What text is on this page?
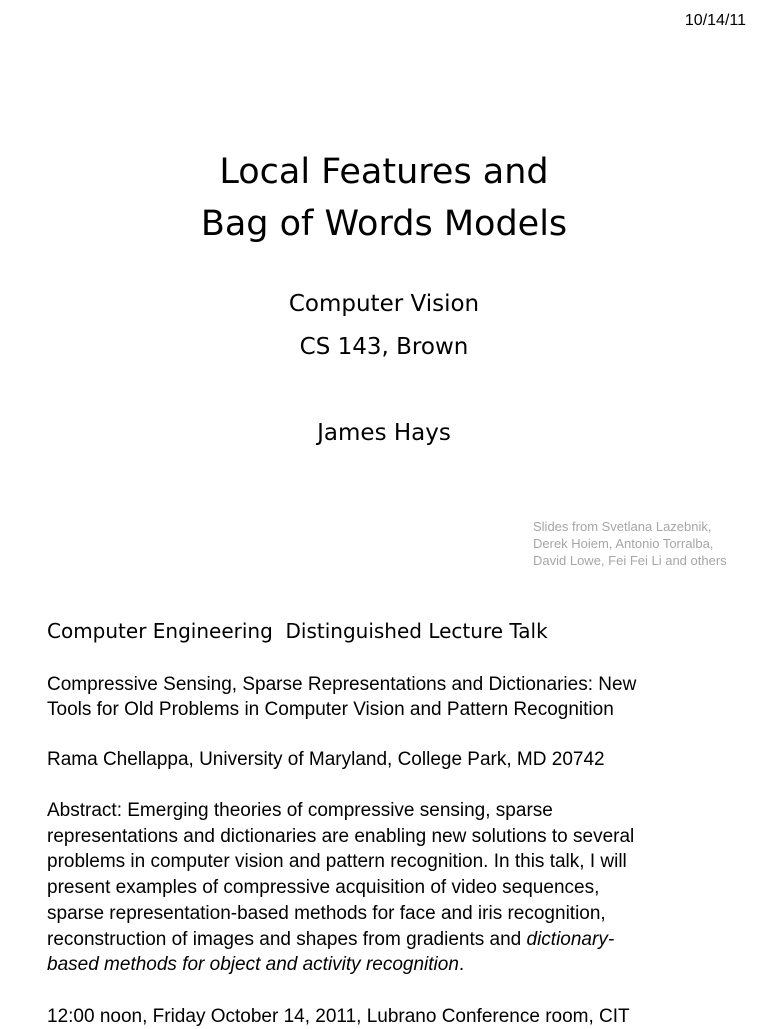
10/14/11
Local Features and
Bag of Words Models
Computer Vision
CS 143, Brown
James Hays
Slides from Svetlana Lazebnik,
Derek Hoiem, Antonio Torralba,
David Lowe, Fei Fei Li and others
Computer Engineering  Distinguished Lecture Talk
Compressive Sensing, Sparse Representations and Dictionaries: New
Tools for Old Problems in Computer Vision and Pattern Recognition
Rama Chellappa, University of Maryland, College Park, MD 20742
Abstract: Emerging theories of compressive sensing, sparse
representations and dictionaries are enabling new solutions to several
problems in computer vision and pattern recognition. In this talk, I will
present examples of compressive acquisition of video sequences,
sparse representation-based methods for face and iris recognition,
reconstruction of images and shapes from gradients and dictionary-
based methods for object and activity recognition.
12:00 noon, Friday October 14, 2011, Lubrano Conference room, CIT
